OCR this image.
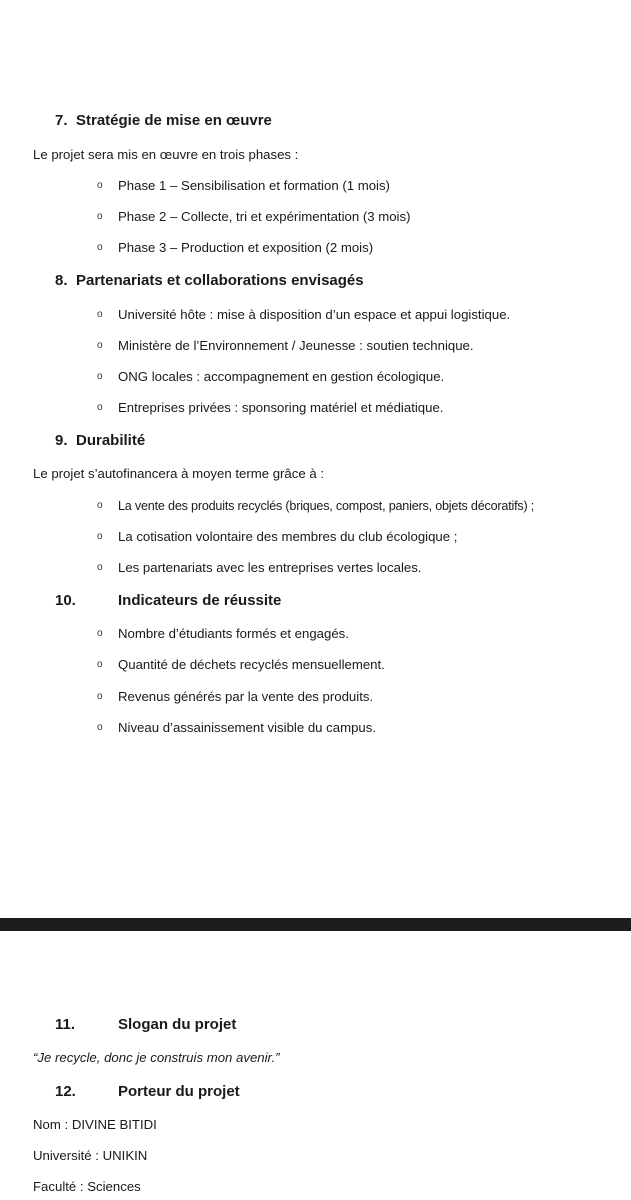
7. Stratégie de mise en œuvre
Le projet sera mis en œuvre en trois phases :
o Phase 1 – Sensibilisation et formation (1 mois)
o Phase 2 – Collecte, tri et expérimentation (3 mois)
o Phase 3 – Production et exposition (2 mois)
8. Partenariats et collaborations envisagés
o Université hôte : mise à disposition d’un espace et appui logistique.
o Ministère de l’Environnement / Jeunesse : soutien technique.
o ONG locales : accompagnement en gestion écologique.
o Entreprises privées : sponsoring matériel et médiatique.
9. Durabilité
Le projet s’autofinancera à moyen terme grâce à :
o La vente des produits recyclés (briques, compost, paniers, objets décoratifs) ;
o La cotisation volontaire des membres du club écologique ;
o Les partenariats avec les entreprises vertes locales.
10.	Indicateurs de réussite
o Nombre d’étudiants formés et engagés.
o Quantité de déchets recyclés mensuellement.
o Revenus générés par la vente des produits.
o Niveau d’assainissement visible du campus.
11.	Slogan du projet
“Je recycle, donc je construis mon avenir.”
12.	Porteur du projet
Nom : DIVINE BITIDI
Université : UNIKIN
Faculté : Sciences
